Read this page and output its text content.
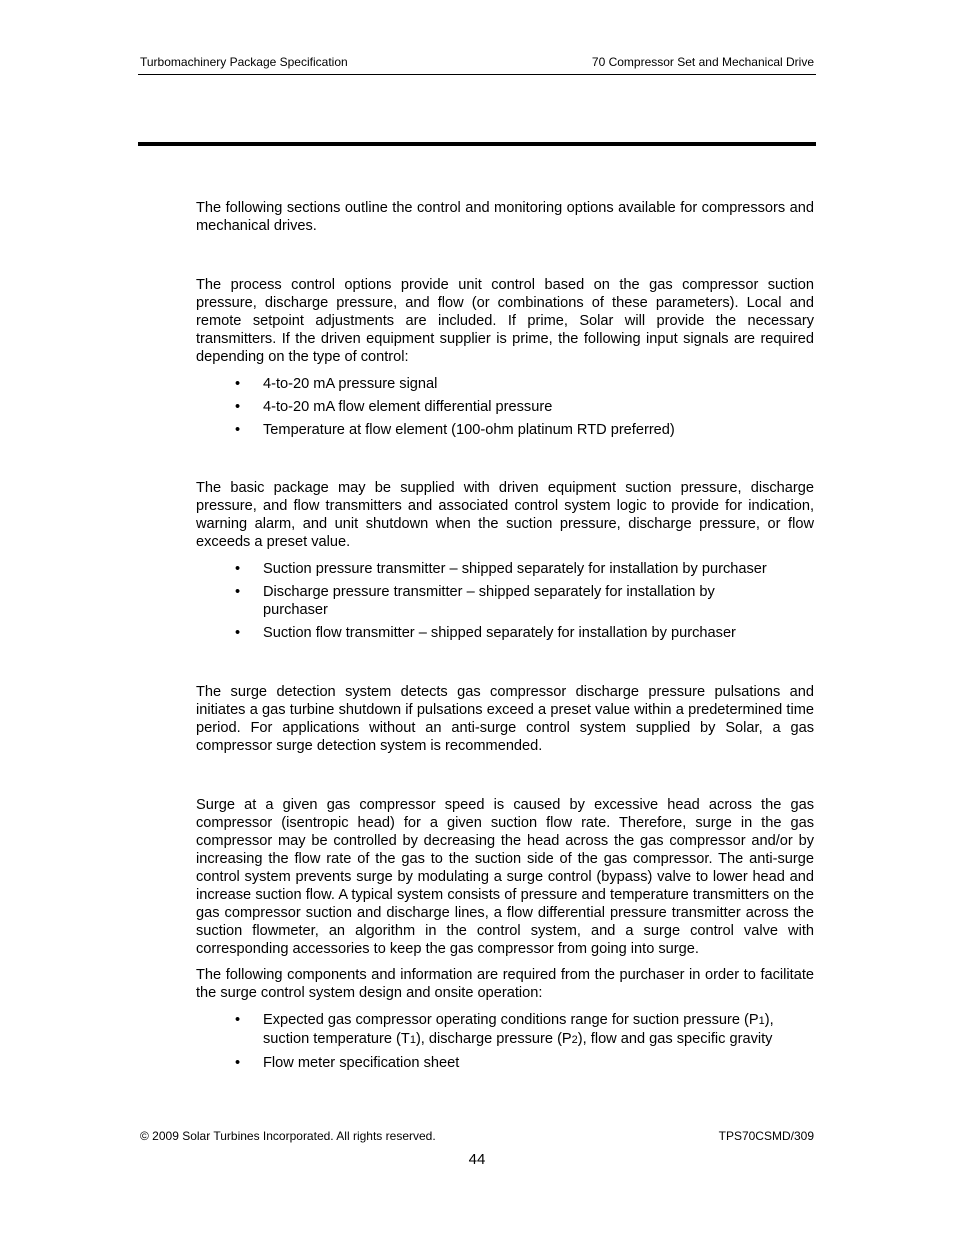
Turbomachinery Package Specification	70 Compressor Set and Mechanical Drive

The following sections outline the control and monitoring options available for compressors and mechanical drives.

The process control options provide unit control based on the gas compressor suction pressure, discharge pressure, and flow (or combinations of these parameters). Local and remote setpoint adjustments are included. If prime, Solar will provide the necessary transmitters. If the driven equipment supplier is prime, the following input signals are required depending on the type of control:

• 4-to-20 mA pressure signal
• 4-to-20 mA flow element differential pressure
• Temperature at flow element (100-ohm platinum RTD preferred)

The basic package may be supplied with driven equipment suction pressure, discharge pressure, and flow transmitters and associated control system logic to provide for indication, warning alarm, and unit shutdown when the suction pressure, discharge pressure, or flow exceeds a preset value.

• Suction pressure transmitter – shipped separately for installation by purchaser
• Discharge pressure transmitter – shipped separately for installation by purchaser
• Suction flow transmitter – shipped separately for installation by purchaser

The surge detection system detects gas compressor discharge pressure pulsations and initiates a gas turbine shutdown if pulsations exceed a preset value within a predetermined time period. For applications without an anti-surge control system supplied by Solar, a gas compressor surge detection system is recommended.

Surge at a given gas compressor speed is caused by excessive head across the gas compressor (isentropic head) for a given suction flow rate. Therefore, surge in the gas compressor may be controlled by decreasing the head across the gas compressor and/or by increasing the flow rate of the gas to the suction side of the gas compressor. The anti-surge control system prevents surge by modulating a surge control (bypass) valve to lower head and increase suction flow. A typical system consists of pressure and temperature transmitters on the gas compressor suction and discharge lines, a flow differential pressure transmitter across the suction flowmeter, an algorithm in the control system, and a surge control valve with corresponding accessories to keep the gas compressor from going into surge.

The following components and information are required from the purchaser in order to facilitate the surge control system design and onsite operation:

• Expected gas compressor operating conditions range for suction pressure (P1), suction temperature (T1), discharge pressure (P2), flow and gas specific gravity
• Flow meter specification sheet
© 2009 Solar Turbines Incorporated. All rights reserved.	TPS70CSMD/309
44
